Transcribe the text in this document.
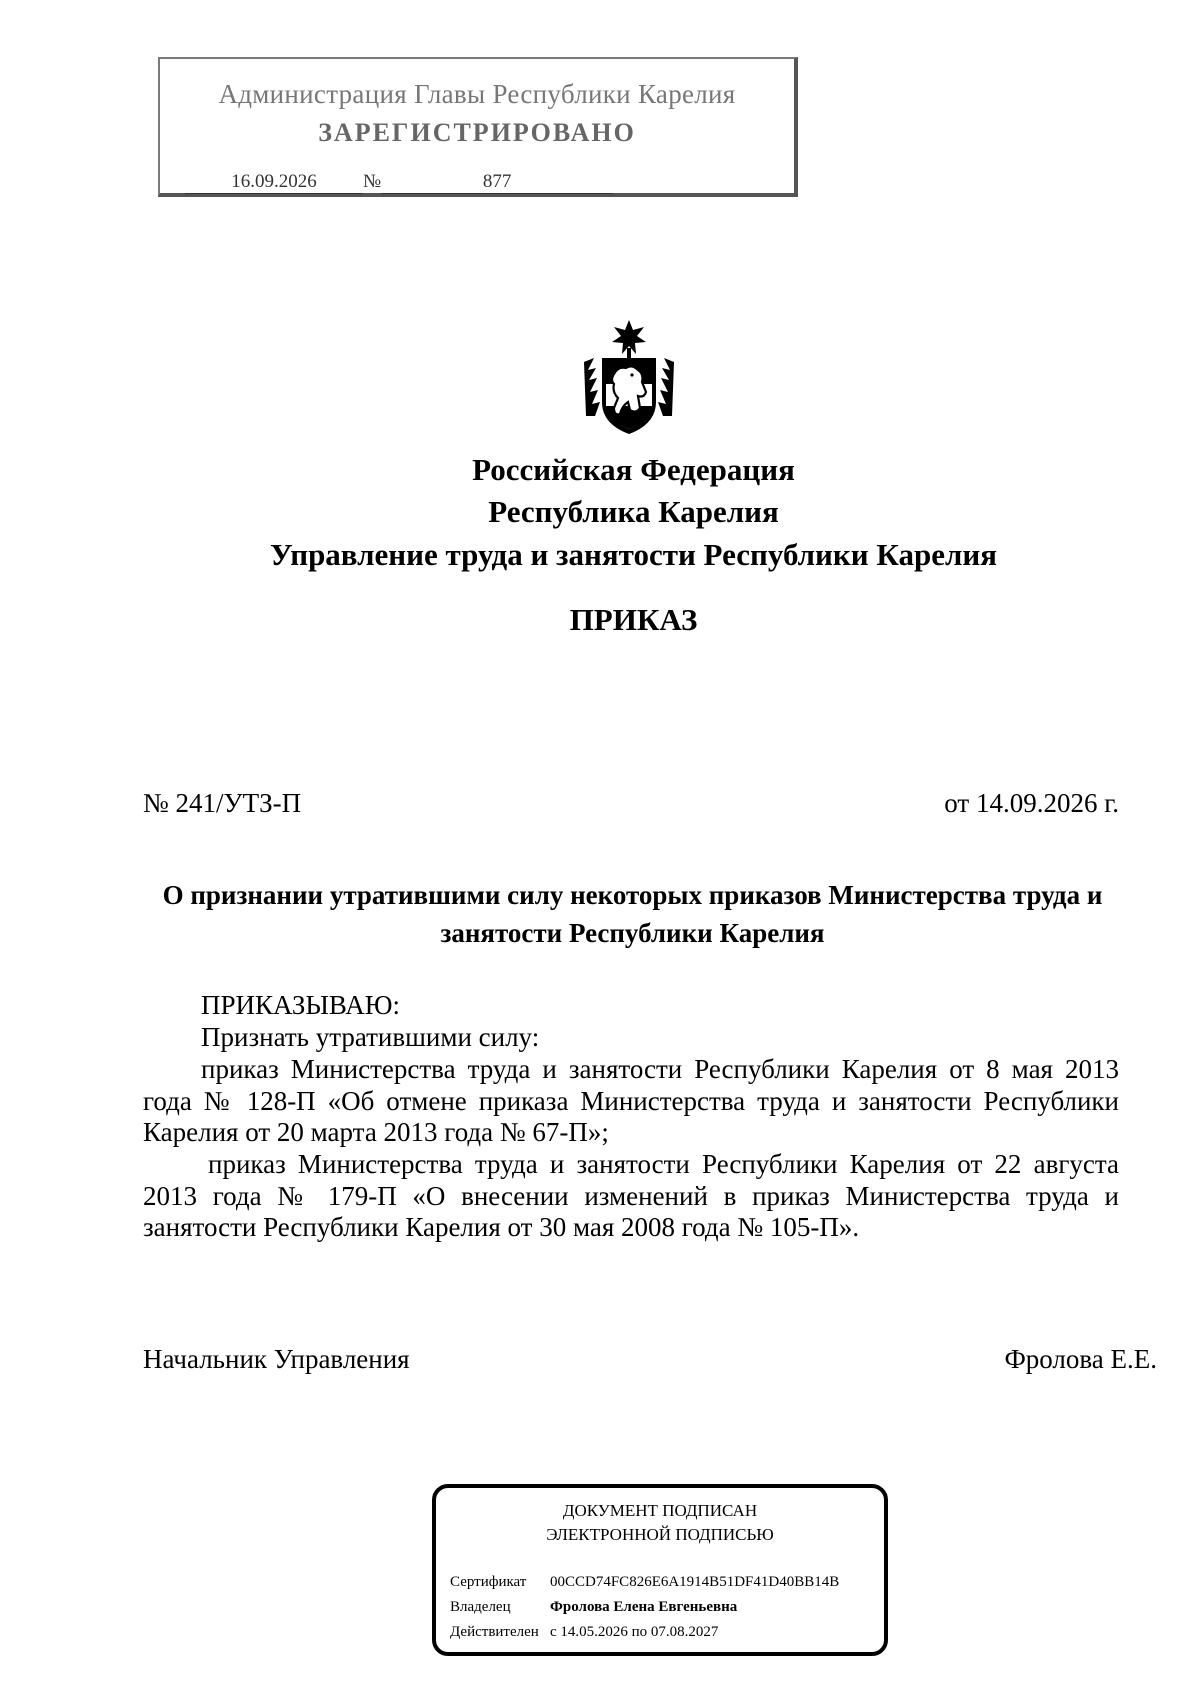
Администрация Главы Республики Карелия
ЗАРЕГИСТРИРОВАНО
16.09.2026 №	877
Российская Федерация
Республика Карелия
Управление труда и занятости Республики Карелия
ПРИКАЗ
№ 241/УТЗ-П	от 14.09.2026 г.
О признании утратившими силу некоторых приказов Министерства труда и занятости Республики Карелия
ПРИКАЗЫВАЮ:
Признать утратившими силу:
приказ Министерства труда и занятости Республики Карелия от 8 мая 2013 года № 128-П «Об отмене приказа Министерства труда и занятости Республики Карелия от 20 марта 2013 года № 67-П»;
приказ Министерства труда и занятости Республики Карелия от 22 августа 2013 года № 179-П «О внесении изменений в приказ Министерства труда и занятости Республики Карелия от 30 мая 2008 года № 105-П».
Начальник Управления	Фролова Е.Е.
ДОКУМЕНТ ПОДПИСАН
ЭЛЕКТРОННОЙ ПОДПИСЬЮ
Сертификат 00CCD74FC826E6A1914B51DF41D40BB14B
Владелец	Фролова Елена Евгеньевна
Действителен с 14.05.2026 по 07.08.2027
